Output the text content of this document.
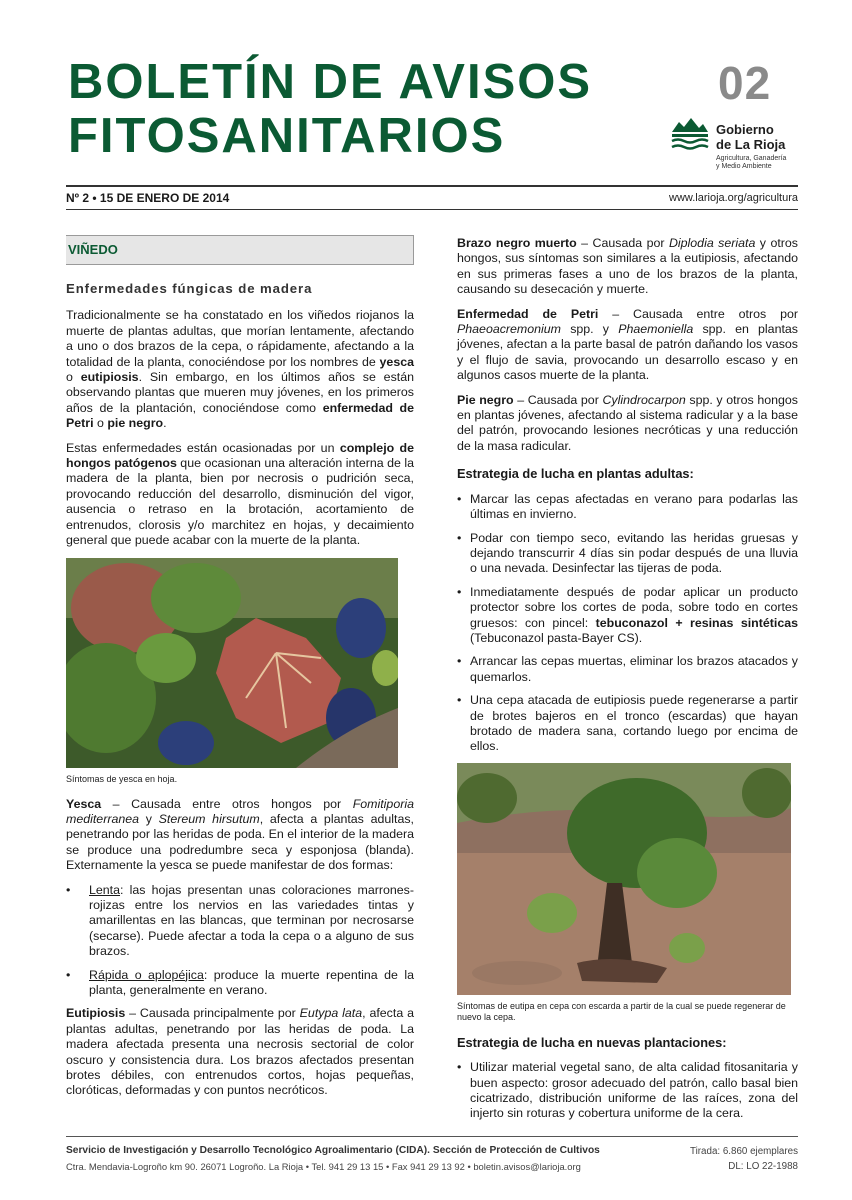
BOLETÍN DE AVISOS
FITOSANITARIOS
02
Gobierno
de La Rioja
Agricultura, Ganadería
y Medio Ambiente
Nº 2 • 15 DE ENERO DE 2014	www.larioja.org/agricultura
VIÑEDO
Enfermedades fúngicas de madera

Tradicionalmente se ha constatado en los viñedos riojanos la muerte de plantas adultas, que morían lentamente, afectando a uno o dos brazos de la cepa, o rápidamente, afectando a la totalidad de la planta, conociéndose por los nombres de yesca o eutipiosis. Sin embargo, en los últimos años se están observando plantas que mueren muy jóvenes, en los primeros años de la plantación, conociéndose como enfermedad de Petri o pie negro.

Estas enfermedades están ocasionadas por un complejo de hongos patógenos que ocasionan una alteración interna de la madera de la planta, bien por necrosis o pudrición seca, provocando reducción del desarrollo, disminución del vigor, ausencia o retraso en la brotación, acortamiento de entrenudos, clorosis y/o marchitez en hojas, y decaimiento general que puede acabar con la muerte de la planta.

Síntomas de yesca en hoja.

Yesca – Causada entre otros hongos por Fomitiporia mediterranea y Stereum hirsutum, afecta a plantas adultas, penetrando por las heridas de poda. En el interior de la madera se produce una podredumbre seca y esponjosa (blanda). Externamente la yesca se puede manifestar de dos formas:

• Lenta: las hojas presentan unas coloraciones marrones-rojizas entre los nervios en las variedades tintas y amarillentas en las blancas, que terminan por necrosarse (secarse). Puede afectar a toda la cepa o a alguno de sus brazos.
• Rápida o aplopéjica: produce la muerte repentina de la planta, generalmente en verano.

Eutipiosis – Causada principalmente por Eutypa lata, afecta a plantas adultas, penetrando por las heridas de poda. La madera afectada presenta una necrosis sectorial de color oscuro y consistencia dura. Los brazos afectados presentan brotes débiles, con entrenudos cortos, hojas pequeñas, cloróticas, deformadas y con puntos necróticos.

Brazo negro muerto – Causada por Diplodia seriata y otros hongos, sus síntomas son similares a la eutipiosis, afectando en sus primeras fases a uno de los brazos de la planta, causando su desecación y muerte.

Enfermedad de Petri – Causada entre otros por Phaeoacremonium spp. y Phaemoniella spp. en plantas jóvenes, afectan a la parte basal de patrón dañando los vasos y el flujo de savia, provocando un desarrollo escaso y en algunos casos muerte de la planta.

Pie negro – Causada por Cylindrocarpon spp. y otros hongos en plantas jóvenes, afectando al sistema radicular y a la base del patrón, provocando lesiones necróticas y una reducción de la masa radicular.

Estrategia de lucha en plantas adultas:
• Marcar las cepas afectadas en verano para podarlas las últimas en invierno.
• Podar con tiempo seco, evitando las heridas gruesas y dejando transcurrir 4 días sin podar después de una lluvia o una nevada. Desinfectar las tijeras de poda.
• Inmediatamente después de podar aplicar un producto protector sobre los cortes de poda, sobre todo en cortes gruesos: con pincel: tebuconazol + resinas sintéticas (Tebuconazol pasta-Bayer CS).
• Arrancar las cepas muertas, eliminar los brazos atacados y quemarlos.
• Una cepa atacada de eutipiosis puede regenerarse a partir de brotes bajeros en el tronco (escardas) que hayan brotado de madera sana, cortando luego por encima de ellos.
Síntomas de eutipa en cepa con escarda a partir de la cual se puede regenerar de nuevo la cepa.
Estrategia de lucha en nuevas plantaciones:
• Utilizar material vegetal sano, de alta calidad fitosanitaria y buen aspecto: grosor adecuado del patrón, callo basal bien cicatrizado, distribución uniforme de las raíces, zona del injerto sin roturas y cobertura uniforme de la cera.
Servicio de Investigación y Desarrollo Tecnológico Agroalimentario (CIDA). Sección de Protección de Cultivos
Ctra. Mendavia-Logroño km 90. 26071 Logroño. La Rioja • Tel. 941 29 13 15 • Fax 941 29 13 92 • boletin.avisos@larioja.org
Tirada: 6.860 ejemplares
DL: LO 22-1988
